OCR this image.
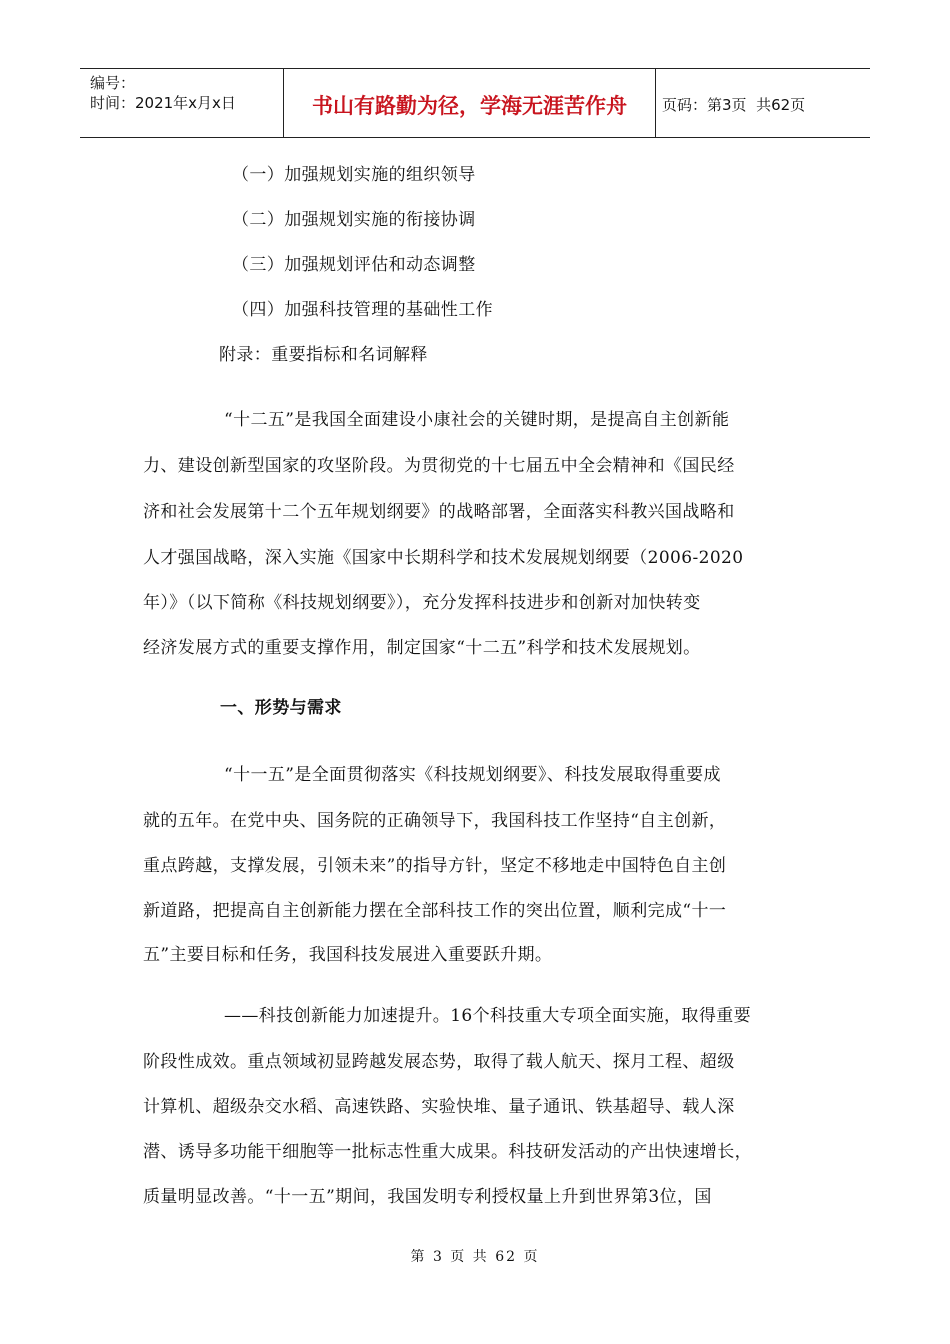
编号：
时间：2021年x月x日	书山有路勤为径，学海无涯苦作舟	页码：第3页  共62页
（一）加强规划实施的组织领导
（二）加强规划实施的衔接协调
（三）加强规划评估和动态调整
（四）加强科技管理的基础性工作
附录：重要指标和名词解释
“十二五”是我国全面建设小康社会的关键时期，是提高自主创新能
力、建设创新型国家的攻坚阶段。为贯彻党的十七届五中全会精神和《国民经
济和社会发展第十二个五年规划纲要》的战略部署，全面落实科教兴国战略和
人才强国战略，深入实施《国家中长期科学和技术发展规划纲要（2006-2020
年）》（以下简称《科技规划纲要》），充分发挥科技进步和创新对加快转变
经济发展方式的重要支撑作用，制定国家“十二五”科学和技术发展规划。
一、形势与需求
“十一五”是全面贯彻落实《科技规划纲要》、科技发展取得重要成
就的五年。在党中央、国务院的正确领导下，我国科技工作坚持“自主创新，
重点跨越，支撑发展，引领未来”的指导方针，坚定不移地走中国特色自主创
新道路，把提高自主创新能力摆在全部科技工作的突出位置，顺利完成“十一
五”主要目标和任务，我国科技发展进入重要跃升期。
——科技创新能力加速提升。16个科技重大专项全面实施，取得重要
阶段性成效。重点领域初显跨越发展态势，取得了载人航天、探月工程、超级
计算机、超级杂交水稻、高速铁路、实验快堆、量子通讯、铁基超导、载人深
潜、诱导多功能干细胞等一批标志性重大成果。科技研发活动的产出快速增长，
质量明显改善。“十一五”期间，我国发明专利授权量上升到世界第3位，国
第 3 页 共 62 页
